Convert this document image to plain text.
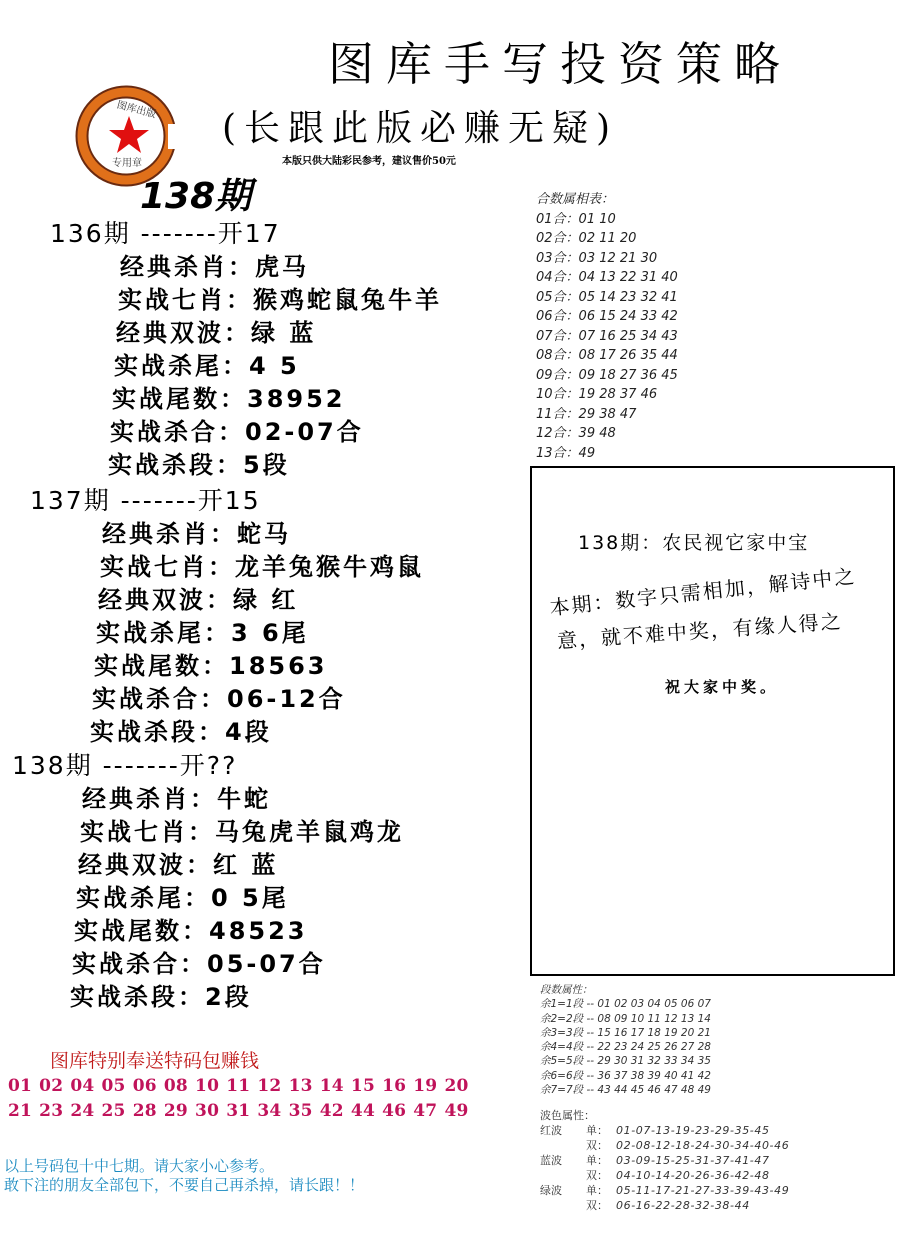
图库手写投资策略
(长跟此版必赚无疑)
本版只供大陆彩民参考，建议售价50元
图库出版
专用章
138期
136期 -------开17
经典杀肖：虎马
实战七肖：猴鸡蛇鼠兔牛羊
经典双波：绿 蓝
实战杀尾：4 5
实战尾数：38952
实战杀合：02-07合
实战杀段：5段
137期 -------开15
经典杀肖：蛇马
实战七肖：龙羊兔猴牛鸡鼠
经典双波：绿 红
实战杀尾：3 6尾
实战尾数：18563
实战杀合：06-12合
实战杀段：4段
138期 -------开??
经典杀肖：牛蛇
实战七肖：马兔虎羊鼠鸡龙
经典双波：红 蓝
实战杀尾：0 5尾
实战尾数：48523
实战杀合：05-07合
实战杀段：2段
合数属相表：
01合：01 10
02合：02 11 20
03合：03 12 21 30
04合：04 13 22 31 40
05合：05 14 23 32 41
06合：06 15 24 33 42
07合：07 16 25 34 43
08合：08 17 26 35 44
09合：09 18 27 36 45
10合：19 28 37 46
11合：29 38 47
12合：39 48
13合：49
138期：农民视它家中宝
本期：数字只需相加，解诗中之
意，就不难中奖，有缘人得之
祝大家中奖。
段数属性：
余1=1段 -- 01 02 03 04 05 06 07
余2=2段 -- 08 09 10 11 12 13 14
余3=3段 -- 15 16 17 18 19 20 21
余4=4段 -- 22 23 24 25 26 27 28
余5=5段 -- 29 30 31 32 33 34 35
余6=6段 -- 36 37 38 39 40 41 42
余7=7段 -- 43 44 45 46 47 48 49
波色属性：
红波	单： 01-07-13-19-23-29-35-45
双： 02-08-12-18-24-30-34-40-46
蓝波	单： 03-09-15-25-31-37-41-47
双： 04-10-14-20-26-36-42-48
绿波	单： 05-11-17-21-27-33-39-43-49
双： 06-16-22-28-32-38-44
图库特别奉送特码包赚钱
01 02 04 05 06 08 10 11 12 13 14 15 16 19 20
21 23 24 25 28 29 30 31 34 35 42 44 46 47 49
以上号码包十中七期。请大家小心参考。
敢下注的朋友全部包下，不要自己再杀掉，请长跟！！
